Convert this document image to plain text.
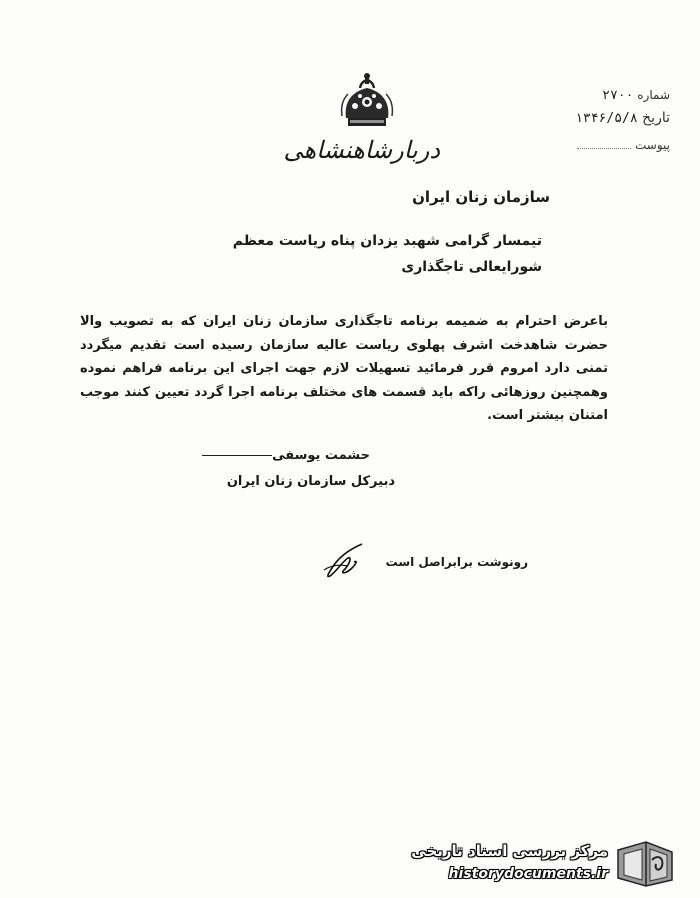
دربارشاهنشاهی
شماره ۲۷۰۰
تاریخ ۱۳۴۶/۵/۸
پیوست
سازمان زنان ایران
تیمسار گرامی شهبد یزدان پناه ریاست معظم
شورایعالی تاجگذاری
باعرض احترام به ضمیمه برنامه تاجگذاری سازمان زنان ایران که به تصویب والا حضرت شاهدخت اشرف پهلوی ریاست عالیه سازمان رسیده است تقدیم میگردد تمنی دارد امروم قرر فرمائید تسهیلات لازم جهت اجرای این برنامه فراهم نموده وهمچنین روزهائی راکه باید قسمت های مختلف برنامه اجرا گردد تعیین کنند موجب امتنان بیشتر است.
حشمت یوسفی
دبیرکل سازمان زنان ایران
رونوشت برابراصل است
مرکز بررسی اسناد تاریخی
historydocuments.ir
